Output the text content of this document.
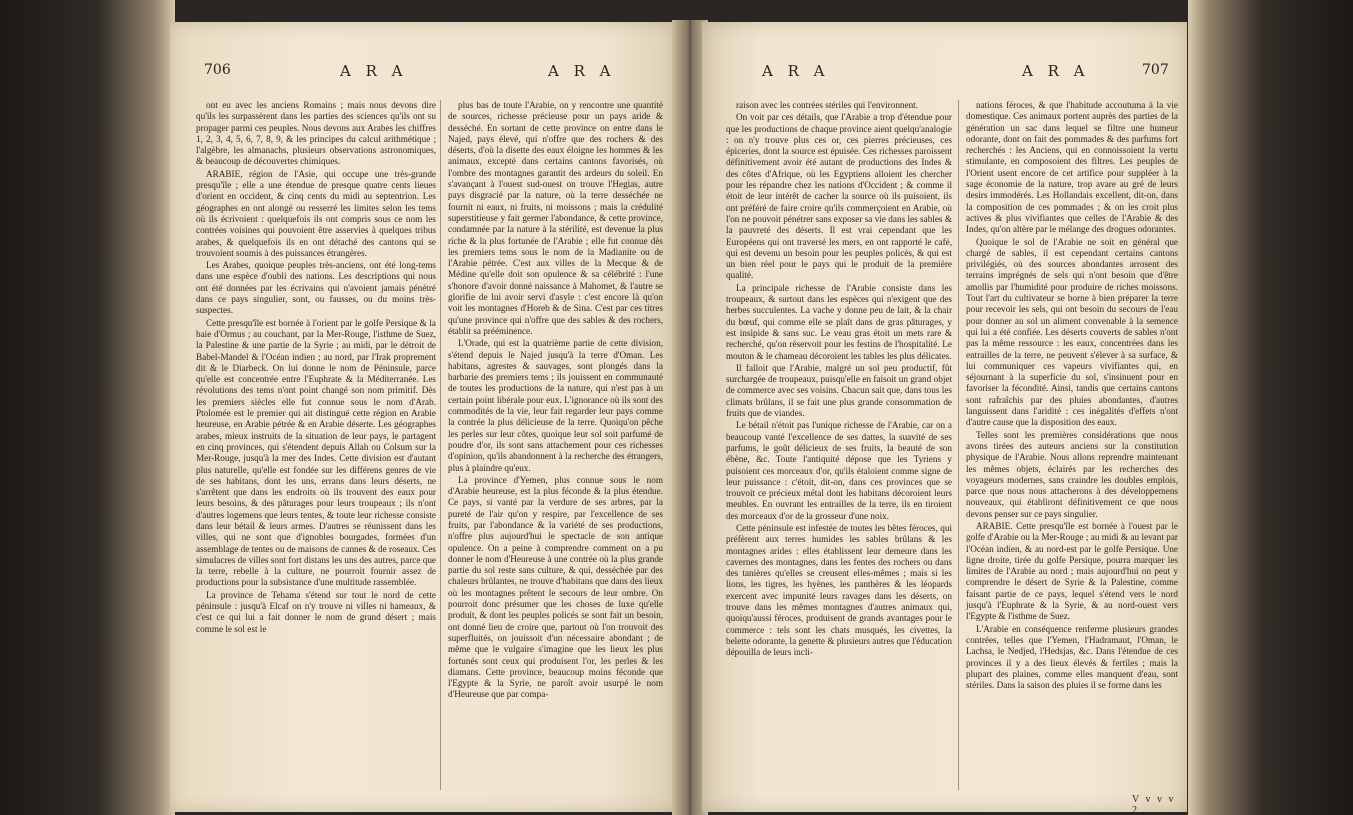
706	A R A	A R A

ont eu avec les anciens Romains ; mais nous devons dire qu'ils les surpassèrent dans les parties des sciences qu'ils ont su propager parmi ces peuples. Nous devons aux Arabes les chiffres 1, 2, 3, 4, 5, 6, 7, 8, 9, & les principes du calcul arithmétique ; l'algèbre, les almanachs, plusieurs observations astronomiques, & beaucoup de découvertes chimiques.

ARABIE, région de l'Asie, qui occupe une très-grande presqu'île ; elle a une étendue de presque quatre cents lieues d'orient en occident, & cinq cents du midi au septentrion. Les géographes en ont alongé ou resserré les limites selon les tems où ils écrivoient : quelquefois ils ont compris sous ce nom les contrées voisines qui pouvoient être asservies à quelques tribus arabes, & quelquefois ils en ont détaché des cantons qui se trouvoient soumis à des puissances étrangères.

Les Arabes, quoique peuples très-anciens, ont été long-tems dans une espèce d'oubli des nations. Les descriptions qui nous ont été données par les écrivains qui n'avoient jamais pénétré dans ce pays singulier, sont, ou fausses, ou du moins très-suspectes.

Cette presqu'île est bornée à l'orient par le golfe Persique & la baie d'Ormus ; au couchant, par la Mer-Rouge, l'isthme de Suez, la Palestine & une partie de la Syrie ; au midi, par le détroit de Babel-Mandel & l'Océan indien ; au nord, par l'Irak proprement dit & le Diarbeck. On lui donne le nom de Péninsule, parce qu'elle est concentrée entre l'Euphrate & la Méditerranée. Les révolutions des tems n'ont point changé son nom primitif. Dès les premiers siècles elle fut connue sous le nom d'Arab. Ptolomée est le premier qui ait distingué cette région en Arabie heureuse, en Arabie pétrée & en Arabie déserte. Les géographes arabes, mieux instruits de la situation de leur pays, le partagent en cinq provinces, qui s'étendent depuis Allah ou Colsum sur la Mer-Rouge, jusqu'à la mer des Indes. Cette division est d'autant plus naturelle, qu'elle est fondée sur les différens genres de vie de ses habitans, dont les uns, errans dans leurs déserts, ne s'arrêtent que dans les endroits où ils trouvent des eaux pour leurs besoins, & des pâturages pour leurs troupeaux ; ils n'ont d'autres logemens que leurs tentes, & toute leur richesse consiste dans leur bétail & leurs armes. D'autres se réunissent dans les villes, qui ne sont que d'ignobles bourgades, formées d'un assemblage de tentes ou de maisons de cannes & de roseaux. Ces simulacres de villes sont fort distans les uns des autres, parce que la terre, rebelle à la culture, ne pourroit fournir assez de productions pour la subsistance d'une multitude rassemblée.

La province de Tehama s'étend sur tout le nord de cette péninsule : jusqu'à Elcaf on n'y trouve ni villes ni hameaux, & c'est ce qui lui a fait donner le nom de grand désert ; mais comme le sol est le

plus bas de toute l'Arabie, on y rencontre une quantité de sources, richesse précieuse pour un pays aride & desséché. En sortant de cette province on entre dans le Najed, pays élevé, qui n'offre que des rochers & des déserts, d'où la disette des eaux éloigne les hommes & les animaux, excepté dans certains cantons favorisés, où l'ombre des montagnes garantit des ardeurs du soleil. En s'avançant à l'ouest sud-ouest on trouve l'Hegias, autre pays disgracié par la nature, où la terre desséchée ne fournit ni eaux, ni fruits, ni moissons ; mais la crédulité superstitieuse y fait germer l'abondance, & cette province, condamnée par la nature à la stérilité, est devenue la plus riche & la plus fortunée de l'Arabie ; elle fut connue dès les premiers tems sous le nom de la Madianite ou de l'Arabie pétrée. C'est aux villes de la Mecque & de Médine qu'elle doit son opulence & sa célébrité : l'une s'honore d'avoir donné naissance à Mahomet, & l'autre se glorifie de lui avoir servi d'asyle : c'est encore là qu'on voit les montagnes d'Horeb & de Sina. C'est par ces titres qu'une province qui n'offre que des sables & des rochers, établit sa prééminence.

L'Orade, qui est la quatrième partie de cette division, s'étend depuis le Najed jusqu'à la terre d'Oman. Les habitans, agrestes & sauvages, sont plongés dans la barbarie des premiers tems ; ils jouissent en communauté de toutes les productions de la nature, qui n'est pas à un certain point libérale pour eux. L'ignorance où ils sont des commodités de la vie, leur fait regarder leur pays comme la contrée la plus délicieuse de la terre. Quoiqu'on pêche les perles sur leur côtes, quoique leur sol soit parfumé de poudre d'or, ils sont sans attachement pour ces richesses d'opinion, qu'ils abandonnent à la recherche des étrangers, plus à plaindre qu'eux.

La province d'Yemen, plus connue sous le nom d'Arabie heureuse, est la plus féconde & la plus étendue. Ce pays, si vanté par la verdure de ses arbres, par la pureté de l'air qu'on y respire, par l'excellence de ses fruits, par l'abondance & la variété de ses productions, n'offre plus aujourd'hui le spectacle de son antique opulence. On a peine à comprendre comment on a pu donner le nom d'Heureuse à une contrée où la plus grande partie du sol reste sans culture, & qui, desséchée par des chaleurs brûlantes, ne trouve d'habitans que dans des lieux où les montagnes prêtent le secours de leur ombre. On pourroit donc présumer que les choses de luxe qu'elle produit, & dont les peuples policés se sont fait un besoin, ont donné lieu de croire que, partout où l'on trouvoit des superfluités, on jouissoit d'un nécessaire abondant ; de même que le vulgaire s'imagine que les lieux les plus fortunés sont ceux qui produisent l'or, les perles & les diamans. Cette province, beaucoup moins féconde que l'Egypte & la Syrie, ne paroît avoir usurpé le nom d'Heureuse que par compa-

A R A	A R A	707

raison avec les contrées stériles qui l'environnent.

On voit par ces détails, que l'Arabie a trop d'étendue pour que les productions de chaque province aient quelqu'analogie : on n'y trouve plus ces or, ces pierres précieuses, ces épiceries, dont la source est épuisée. Ces richesses paroissent définitivement avoir été autant de productions des Indes & des côtes d'Afrique, où les Egyptiens alloient les chercher pour les répandre chez les nations d'Occident ; & comme il étoit de leur intérêt de cacher la source où ils puisoient, ils ont préféré de faire croire qu'ils commerçoient en Arabie, où l'on ne pouvoit pénétrer sans exposer sa vie dans les sables & la pauvreté des déserts. Il est vrai cependant que les Européens qui ont traversé les mers, en ont rapporté le café, qui est devenu un besoin pour les peuples policés, & qui est un bien réel pour le pays qui le produit de la première qualité.

La principale richesse de l'Arabie consiste dans les troupeaux, & surtout dans les espèces qui n'exigent que des herbes succulentes. La vache y donne peu de lait, & la chair du bœuf, qui comme elle se plaît dans de gras pâturages, y est insipide & sans suc. Le veau gras étoit un mets rare & recherché, qu'on réservoit pour les festins de l'hospitalité. Le mouton & le chameau décoroient les tables les plus délicates.

Il falloit que l'Arabie, malgré un sol peu productif, fût surchargée de troupeaux, puisqu'elle en faisoit un grand objet de commerce avec ses voisins. Chacun sait que, dans tous les climats brûlans, il se fait une plus grande consommation de fruits que de viandes.

Le bétail n'étoit pas l'unique richesse de l'Arabie, car on a beaucoup vanté l'excellence de ses dattes, la suavité de ses parfums, le goût délicieux de ses fruits, la beauté de son ébène, &c. Toute l'antiquité dépose que les Tyriens y puisoient ces morceaux d'or, qu'ils étaloient comme signe de leur puissance : c'étoit, dit-on, dans ces provinces que se trouvoit ce précieux métal dont les habitans décoroient leurs meubles. En ouvrant les entrailles de la terre, ils en tiroient des morceaux d'or de la grosseur d'une noix.

Cette péninsule est infestée de toutes les bêtes féroces, qui préfèrent aux terres humides les sables brûlans & les montagnes arides : elles établissent leur demeure dans les cavernes des montagnes, dans les fentes des rochers ou dans des tanières qu'elles se creusent elles-mêmes ; mais si les lions, les tigres, les hyènes, les panthères & les léopards exercent avec impunité leurs ravages dans les déserts, on trouve dans les mêmes montagnes d'autres animaux qui, quoiqu'aussi féroces, produisent de grands avantages pour le commerce : tels sont les chats musqués, les civettes, la belette odorante, la genette & plusieurs autres que l'éducation dépouilla de leurs incli-

nations féroces, & que l'habitude accoutuma à la vie domestique. Ces animaux portent auprès des parties de la génération un sac dans lequel se filtre une humeur odorante, dont on fait des pommades & des parfums fort recherchés : les Anciens, qui en connoissoient la vertu stimulante, en composoient des filtres. Les peuples de l'Orient usent encore de cet artifice pour suppléer à la sage économie de la nature, trop avare au gré de leurs desirs immodérés. Les Hollandais excellent, dit-on, dans la composition de ces pommades ; & on les croit plus actives & plus vivifiantes que celles de l'Arabie & des Indes, qu'on altère par le mélange des drogues odorantes.

Quoique le sol de l'Arabie ne soit en général que chargé de sables, il est cependant certains cantons privilégiés, où des sources abondantes arrosent des terrains imprégnés de sels qui n'ont besoin que d'être amollis par l'humidité pour produire de riches moissons. Tout l'art du cultivateur se borne à bien préparer la terre pour recevoir les sels, qui ont besoin du secours de l'eau pour donner au sol un aliment convenable à la semence qui lui a été confiée. Les déserts couverts de sables n'ont pas la même ressource : les eaux, concentrées dans les entrailles de la terre, ne peuvent s'élever à sa surface, & lui communiquer ces vapeurs vivifiantes qui, en séjournant à la superficie du sol, s'insinuent pour en favoriser la fécondité. Ainsi, tandis que certains cantons sont rafraîchis par des pluies abondantes, d'autres languissent dans l'aridité : ces inégalités d'effets n'ont d'autre cause que la disposition des eaux.

Telles sont les premières considérations que nous avons tirées des auteurs anciens sur la constitution physique de l'Arabie. Nous allons reprendre maintenant les mêmes objets, éclairés par les recherches des voyageurs modernes, sans craindre les doubles emplois, parce que nous nous attacherons à des développemens nouveaux, qui établiront définitivement ce que nous devons penser sur ce pays singulier.

ARABIE. Cette presqu'île est bornée à l'ouest par le golfe d'Arabie ou la Mer-Rouge ; au midi & au levant par l'Océan indien, & au nord-est par le golfe Persique. Une ligne droite, tirée du golfe Persique, pourra marquer les limites de l'Arabie au nord ; mais aujourd'hui on peut y comprendre le désert de Syrie & la Palestine, comme faisant partie de ce pays, lequel s'étend vers le nord jusqu'à l'Euphrate & la Syrie, & au nord-ouest vers l'Egypte & l'isthme de Suez.

L'Arabie en conséquence renferme plusieurs grandes contrées, telles que l'Yemen, l'Hadramaut, l'Oman, le Lachsa, le Nedjed, l'Hedsjas, &c. Dans l'étendue de ces provinces il y a des lieux élevés & fertiles ; mais la plupart des plaines, comme elles manquent d'eau, sont stériles. Dans la saison des pluies il se forme dans les

V v v v 2
